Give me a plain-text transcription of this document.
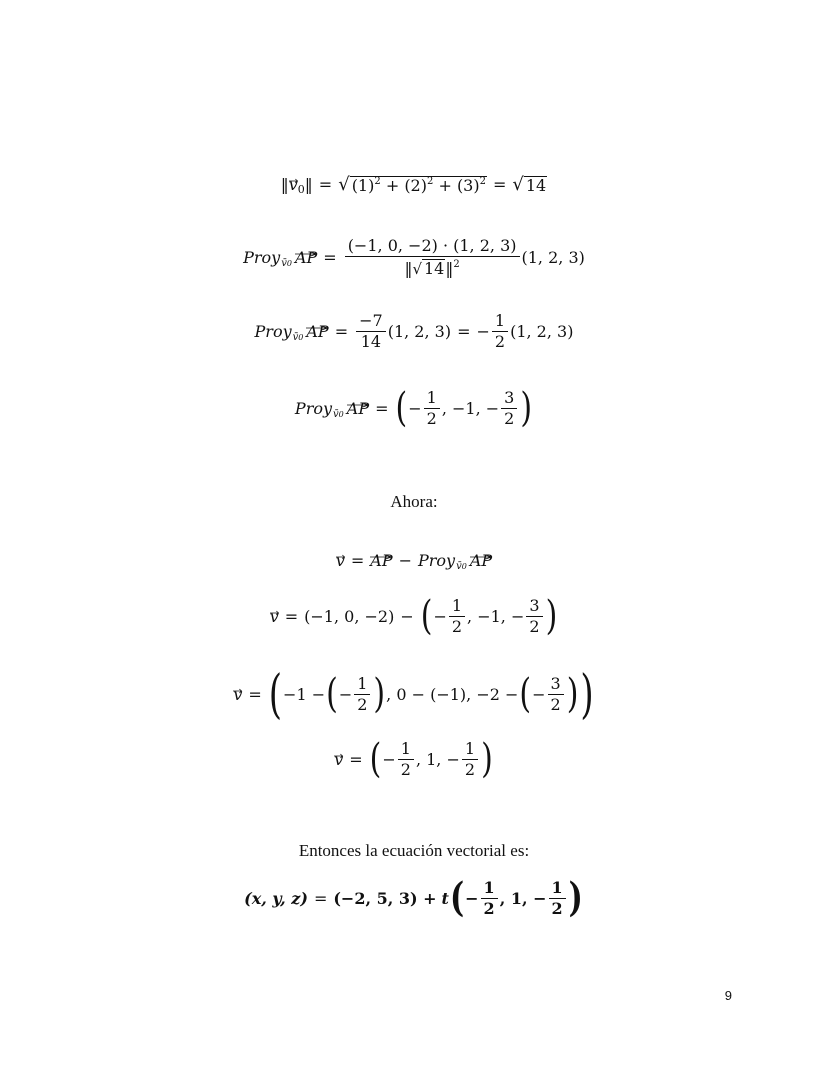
‖ v 0 ‖ = √ $(1)^2 + (2)^2 + (3)^2$ = √ 14
Proy v̄0 AP = $\frac{(-1, 0, -2) \cdot (1, 2, 3)}{‖ √ 14 ‖^2} (1$, 2, 3)
Proy v̄0 AP = $\frac{-7}{14} (1$, 2, 3) = − $\frac{1}{2} (1$, 2, 3)
Proy v̄0 AP = ( − $\frac{1}{2}$ , −1, − $\frac{3}{2}$ )
Ahora:
v = AP − Proy v̄0 AP
v = (−1, 0, −2) − ( − $\frac{1}{2}$ , −1, − $\frac{3}{2}$ )
v = ( −1 − ( − $\frac{1}{2}$ ) , 0 − (−1), −2 − ( − $\frac{3}{2}$ ) )
v = ( − $\frac{1}{2}$ , 1, − $\frac{1}{2}$ )
Entonces la ecuación vectorial es:
(x, y, z) = (−2, 5, 3) + t ( − $\frac{1}{2}$ , 1, − $\frac{1}{2}$ )
9
